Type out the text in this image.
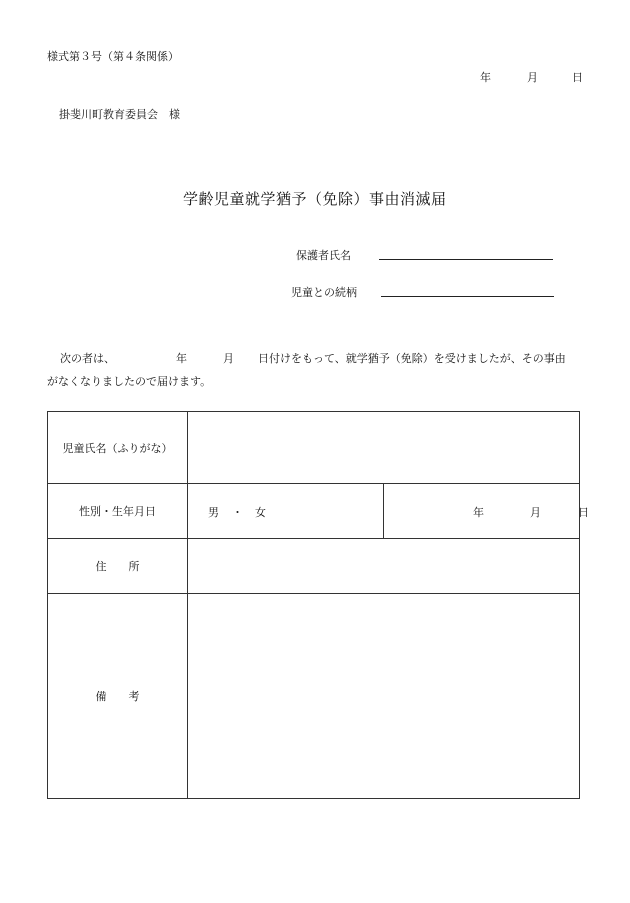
様式第３号（第４条関係）
年	月	日
掛斐川町教育委員会　様
学齢児童就学猶予（免除）事由消滅届
保護者氏名
児童との続柄
次の者は、	年	月 日付けをもって、就学猶予（免除）を受けましたが、その事由
がなくなりましたので届けます。
児童氏名（ふりがな）		
性別・生年月日	男 ・ 女	年 月 日

住　　所		
備　　考		
